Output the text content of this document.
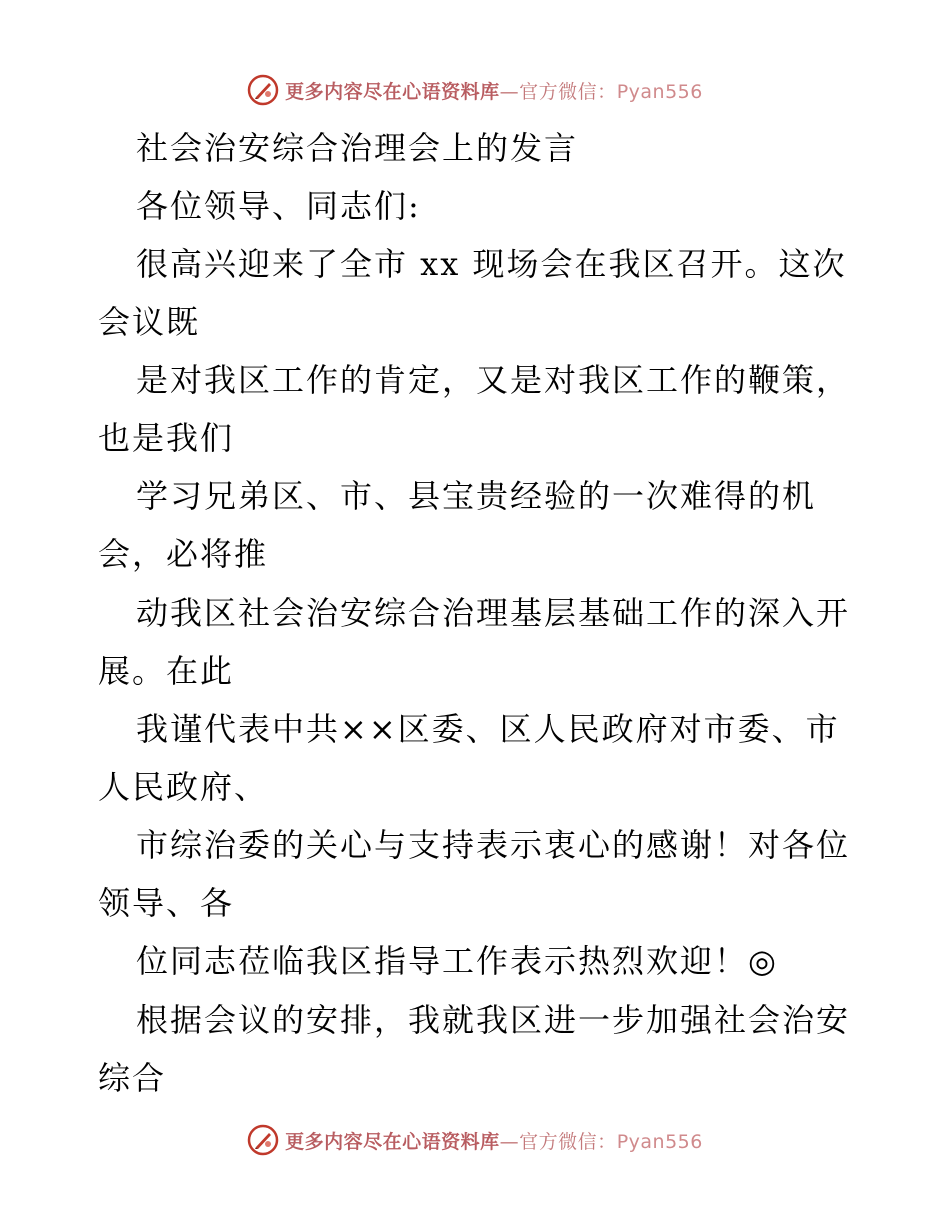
更多内容尽在心语资料库—官方微信：Pyan556
社会治安综合治理会上的发言
各位领导、同志们:
很高兴迎来了全市 xx 现场会在我区召开。这次
会议既
是对我区工作的肯定，又是对我区工作的鞭策，
也是我们
学习兄弟区、市、县宝贵经验的一次难得的机
会，必将推
动我区社会治安综合治理基层基础工作的深入开
展。在此
我谨代表中共××区委、区人民政府对市委、市
人民政府、
市综治委的关心与支持表示衷心的感谢！对各位
领导、各
位同志莅临我区指导工作表示热烈欢迎！◎
根据会议的安排，我就我区进一步加强社会治安
综合
更多内容尽在心语资料库—官方微信：Pyan556
